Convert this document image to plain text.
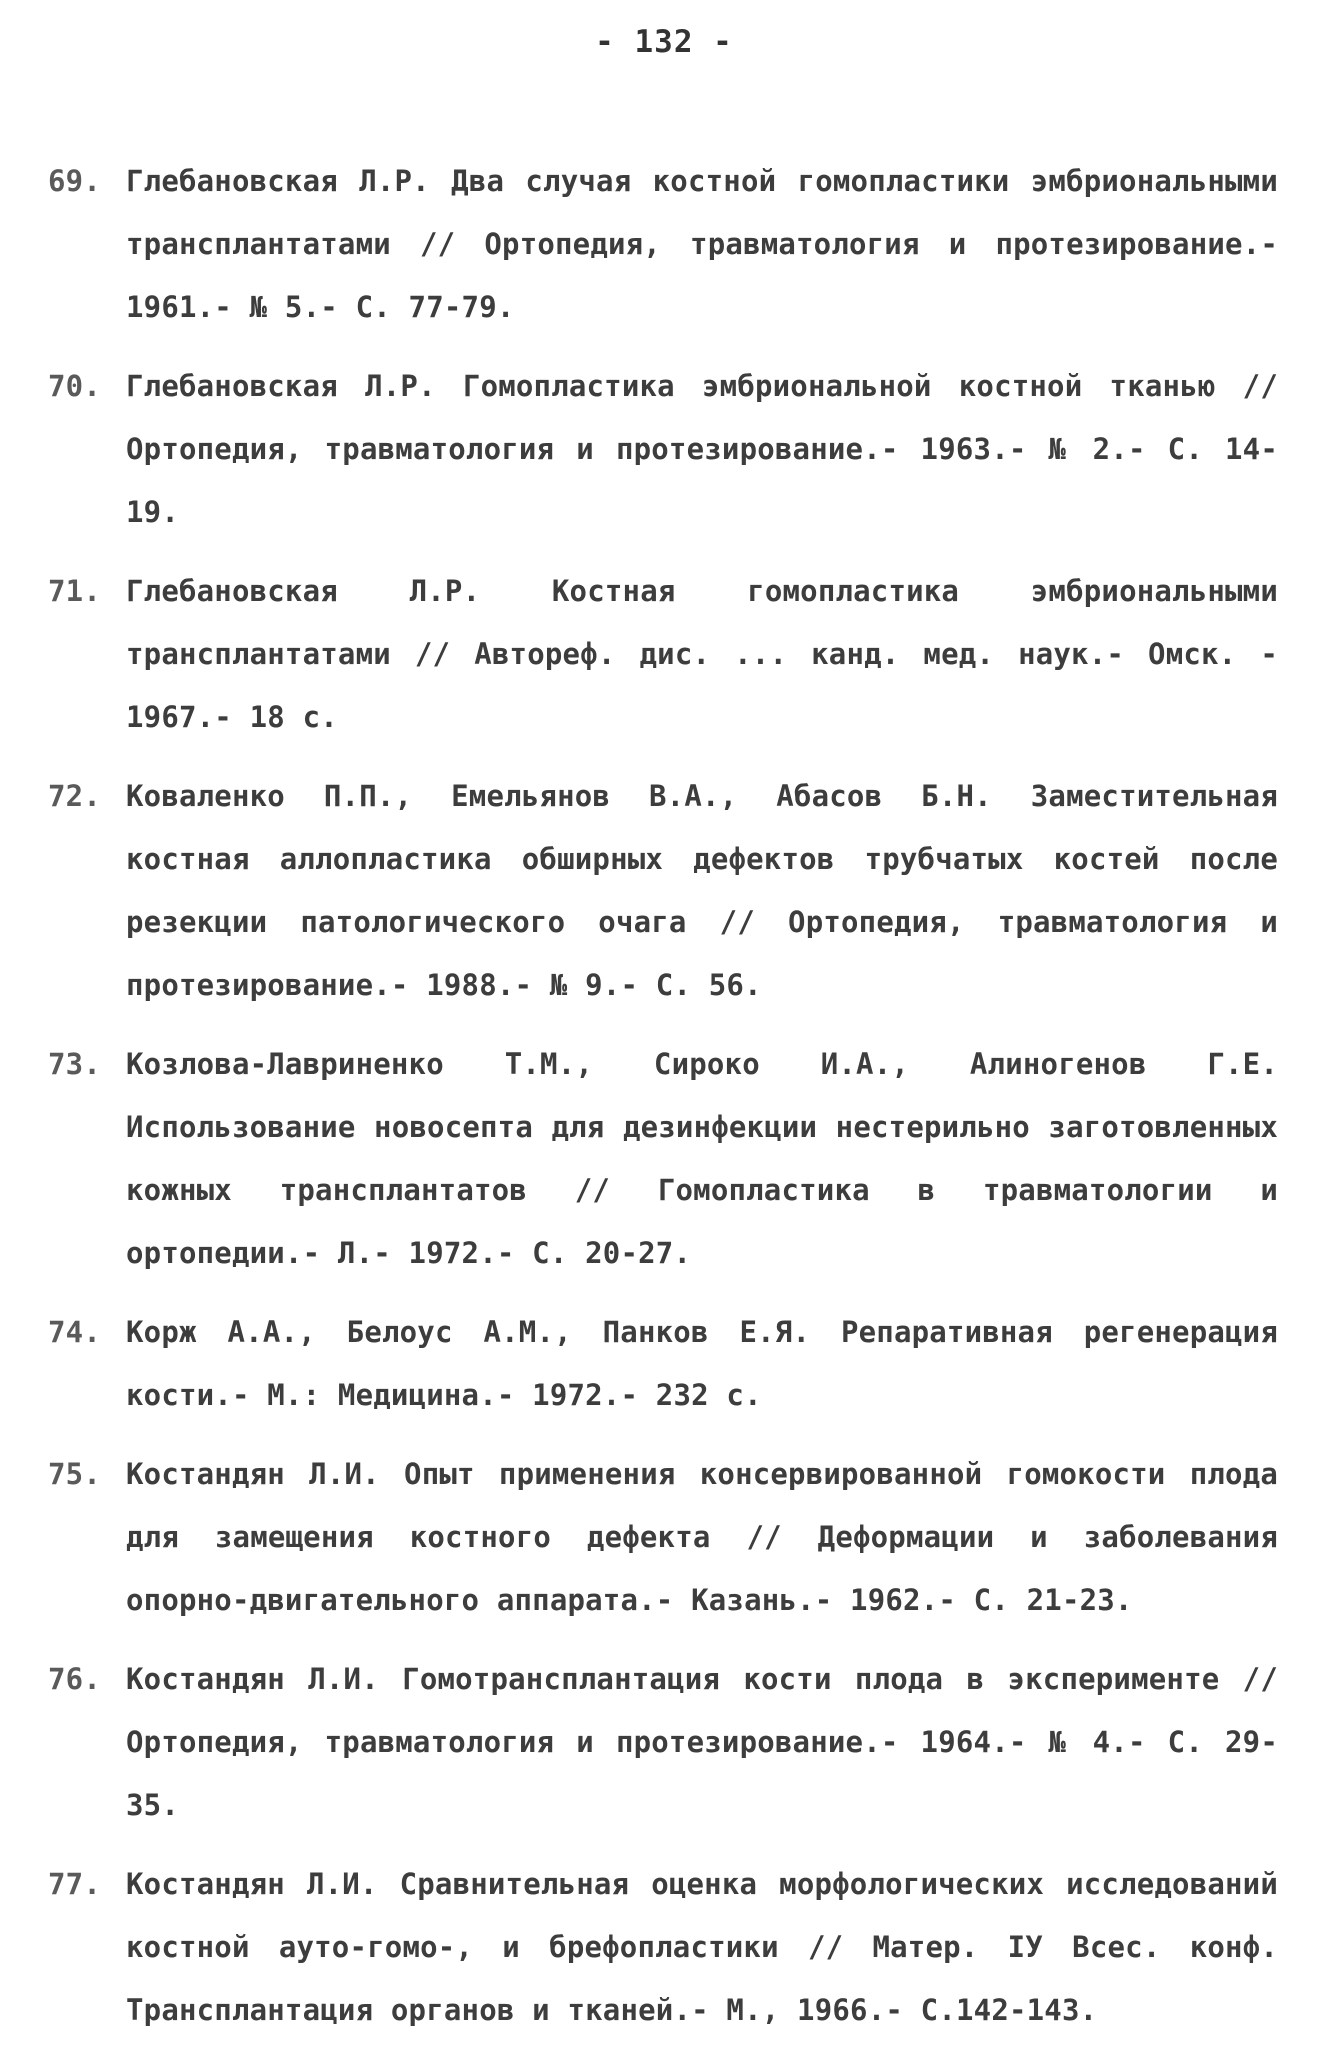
- 132 -
69. Глебановская Л.Р. Два случая костной гомопластики эмбриональными трансплантатами // Ортопедия, травматология и протезирование.- 1961.- № 5.- С. 77-79.
70. Глебановская Л.Р. Гомопластика эмбриональной костной тканью // Ортопедия, травматология и протезирование.- 1963.- № 2.- С. 14-19.
71. Глебановская Л.Р. Костная гомопластика эмбриональными трансплантатами // Автореф. дис. ... канд. мед. наук.- Омск. - 1967.- 18 с.
72. Коваленко П.П., Емельянов В.А., Абасов Б.Н. Заместительная костная аллопластика обширных дефектов трубчатых костей после резекции патологического очага // Ортопедия, травматология и протезирование.- 1988.- № 9.- С. 56.
73. Козлова-Лавриненко Т.М., Сироко И.А., Алиногенов Г.Е. Использование новосепта для дезинфекции нестерильно заготовленных кожных трансплантатов // Гомопластика в травматологии и ортопедии.- Л.- 1972.- С. 20-27.
74. Корж А.А., Белоус А.М., Панков Е.Я. Репаративная регенерация кости.- М.: Медицина.- 1972.- 232 с.
75. Костандян Л.И. Опыт применения консервированной гомокости плода для замещения костного дефекта // Деформации и заболевания опорно-двигательного аппарата.- Казань.- 1962.- С. 21-23.
76. Костандян Л.И. Гомотрансплантация кости плода в эксперименте // Ортопедия, травматология и протезирование.- 1964.- № 4.- С. 29-35.
77. Костандян Л.И. Сравнительная оценка морфологических исследований костной ауто-гомо-, и брефопластики // Матер. IУ Всес. конф. Трансплантация органов и тканей.- М., 1966.- С.142-143.
